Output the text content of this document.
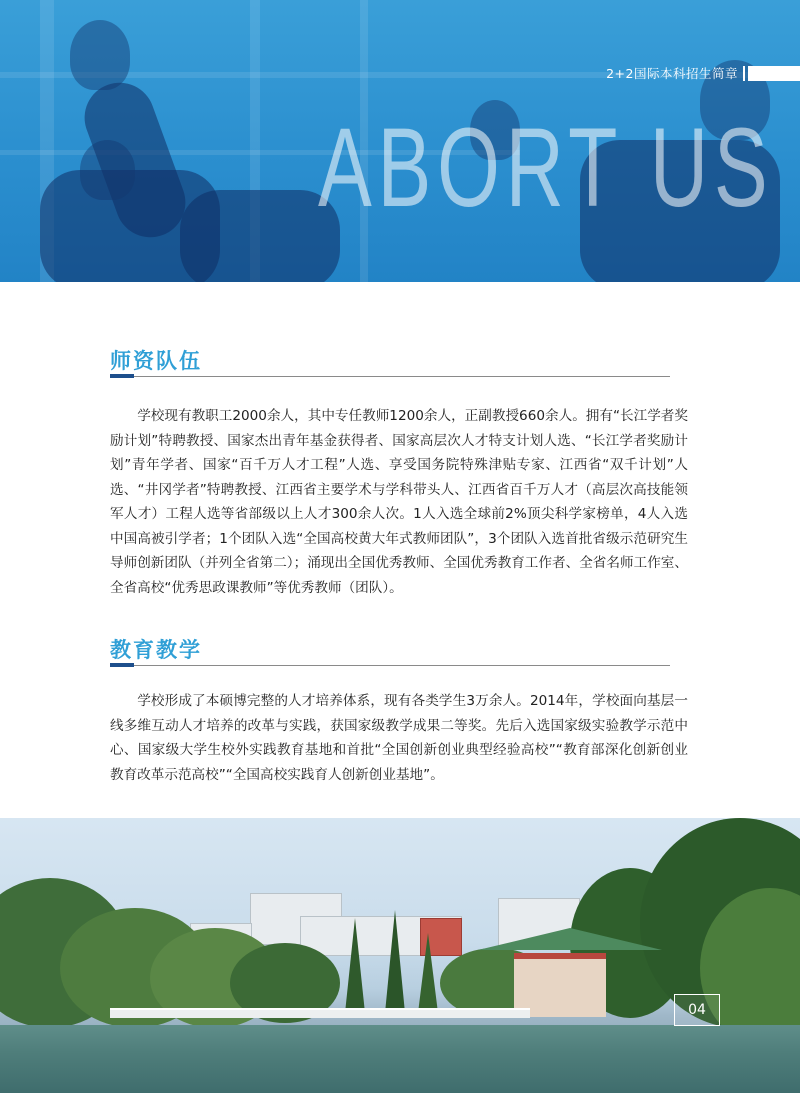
2+2国际本科招生简章
ABORT US
师资队伍
学校现有教职工2000余人，其中专任教师1200余人，正副教授660余人。拥有“长江学者奖励计划”特聘教授、国家杰出青年基金获得者、国家高层次人才特支计划人选、“长江学者奖励计划”青年学者、国家“百千万人才工程”人选、享受国务院特殊津贴专家、江西省“双千计划”人选、“井冈学者”特聘教授、江西省主要学术与学科带头人、江西省百千万人才（高层次高技能领军人才）工程人选等省部级以上人才300余人次。1人入选全球前2%顶尖科学家榜单，4人入选中国高被引学者；1个团队入选“全国高校黄大年式教师团队”，3个团队入选首批省级示范研究生导师创新团队（并列全省第二）；涌现出全国优秀教师、全国优秀教育工作者、全省名师工作室、全省高校“优秀思政课教师”等优秀教师（团队）。
教育教学
学校形成了本硕博完整的人才培养体系，现有各类学生3万余人。2014年，学校面向基层一线多维互动人才培养的改革与实践，获国家级教学成果二等奖。先后入选国家级实验教学示范中心、国家级大学生校外实践教育基地和首批“全国创新创业典型经验高校”“教育部深化创新创业教育改革示范高校”“全国高校实践育人创新创业基地”。
04
